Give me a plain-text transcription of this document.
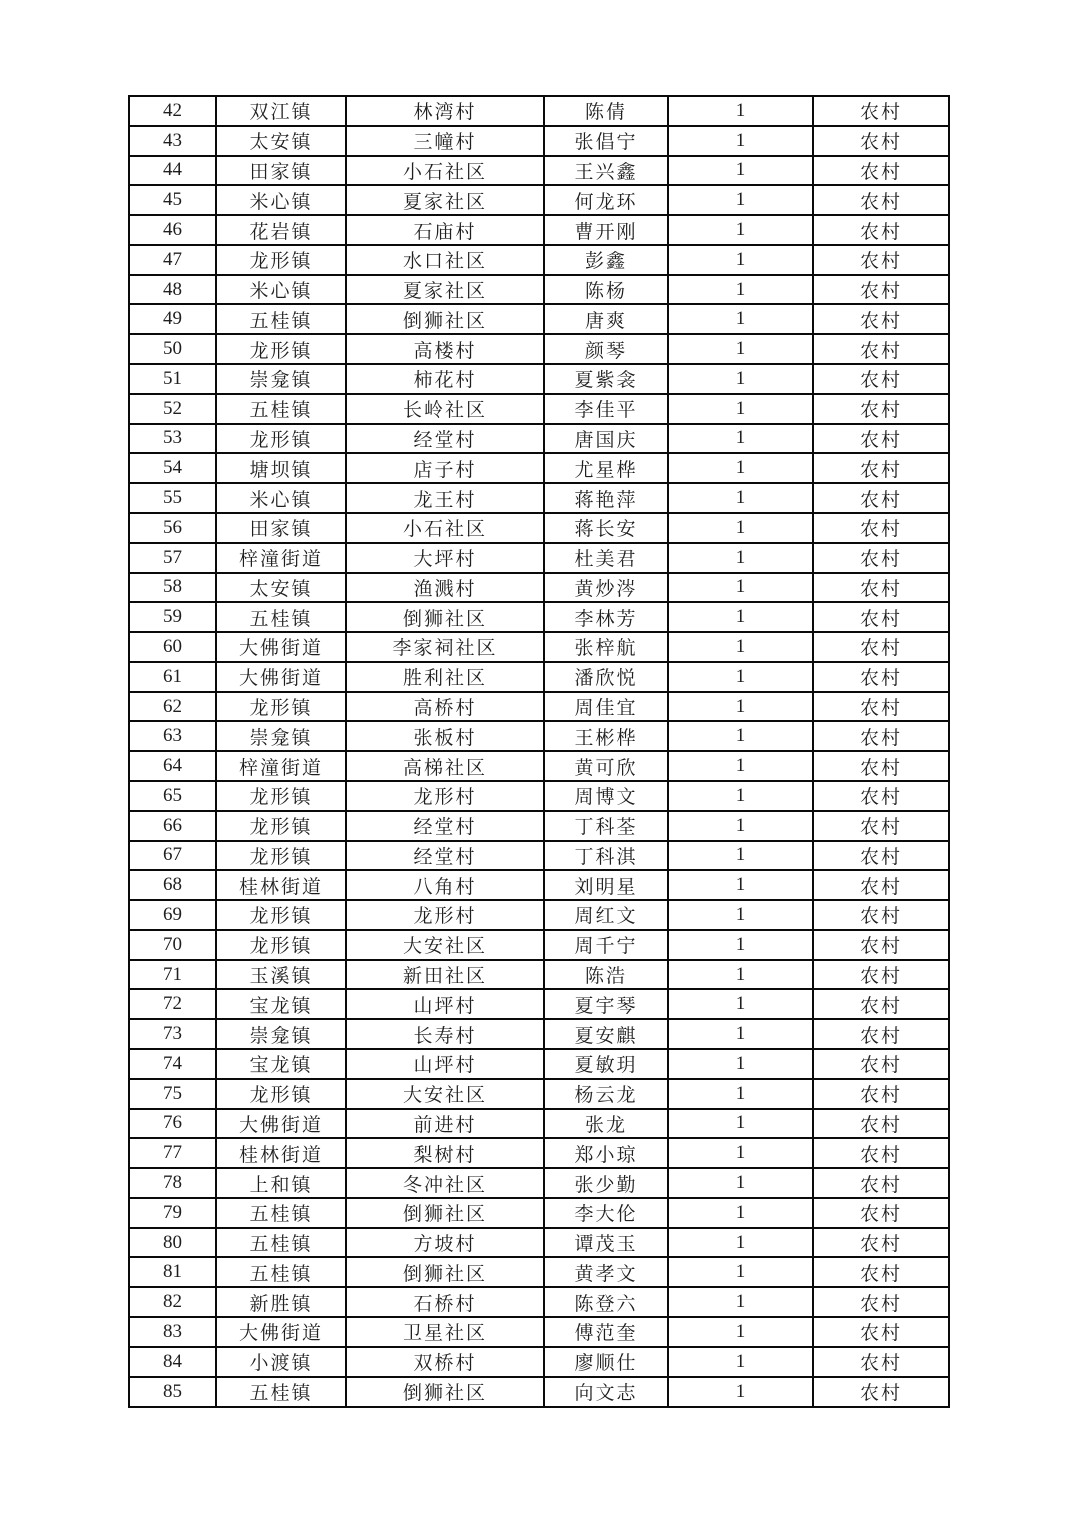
42	双江镇	林湾村	陈倩	1	农村
43	太安镇	三幢村	张倡宁	1	农村
44	田家镇	小石社区	王兴鑫	1	农村
45	米心镇	夏家社区	何龙环	1	农村
46	花岩镇	石庙村	曹开刚	1	农村
47	龙形镇	水口社区	彭鑫	1	农村
48	米心镇	夏家社区	陈杨	1	农村
49	五桂镇	倒狮社区	唐爽	1	农村
50	龙形镇	高楼村	颜琴	1	农村
51	崇龛镇	柿花村	夏紫衾	1	农村
52	五桂镇	长岭社区	李佳平	1	农村
53	龙形镇	经堂村	唐国庆	1	农村
54	塘坝镇	店子村	尤星桦	1	农村
55	米心镇	龙王村	蒋艳萍	1	农村
56	田家镇	小石社区	蒋长安	1	农村
57	梓潼街道	大坪村	杜美君	1	农村
58	太安镇	渔溅村	黄炒涔	1	农村
59	五桂镇	倒狮社区	李林芳	1	农村
60	大佛街道	李家祠社区	张梓航	1	农村
61	大佛街道	胜利社区	潘欣悦	1	农村
62	龙形镇	高桥村	周佳宜	1	农村
63	崇龛镇	张板村	王彬桦	1	农村
64	梓潼街道	高梯社区	黄可欣	1	农村
65	龙形镇	龙形村	周博文	1	农村
66	龙形镇	经堂村	丁科荃	1	农村
67	龙形镇	经堂村	丁科淇	1	农村
68	桂林街道	八角村	刘明星	1	农村
69	龙形镇	龙形村	周红文	1	农村
70	龙形镇	大安社区	周千宁	1	农村
71	玉溪镇	新田社区	陈浩	1	农村
72	宝龙镇	山坪村	夏宇琴	1	农村
73	崇龛镇	长寿村	夏安麒	1	农村
74	宝龙镇	山坪村	夏敏玥	1	农村
75	龙形镇	大安社区	杨云龙	1	农村
76	大佛街道	前进村	张龙	1	农村
77	桂林街道	梨树村	郑小琼	1	农村
78	上和镇	冬冲社区	张少勤	1	农村
79	五桂镇	倒狮社区	李大伦	1	农村
80	五桂镇	方坡村	谭茂玉	1	农村
81	五桂镇	倒狮社区	黄孝文	1	农村
82	新胜镇	石桥村	陈登六	1	农村
83	大佛街道	卫星社区	傅范奎	1	农村
84	小渡镇	双桥村	廖顺仕	1	农村
85	五桂镇	倒狮社区	向文志	1	农村
